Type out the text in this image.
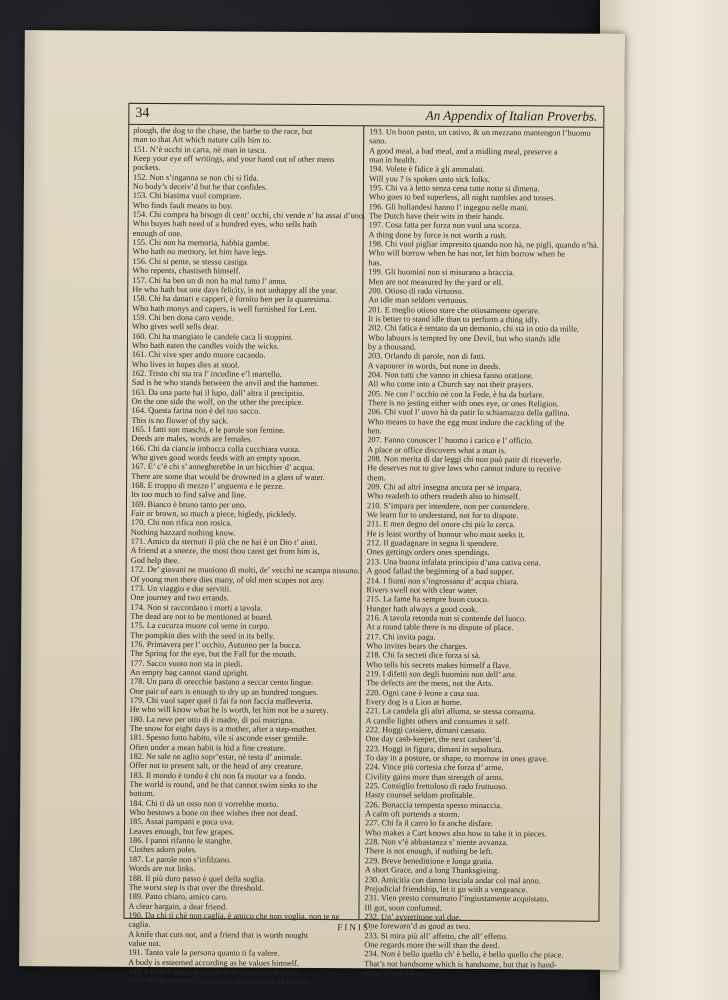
34	An Appendix of Italian Proverbs.
plough, the dog to the chase, the barbe to the race, but
man to that Art which nature calls him to.
151. N’è occhi in carta, nè man in tasca.
Keep your eye off writings, and your hand out of other mens
pockets.
152. Non s’inganna se non chi si fida.
No body’s deceiv’d but he that confides.
153. Chi biasima vuol comprare.
Who finds fault means to buy.
154. Chi compra ha bisogn di cent’ occhi, chi vende n’ ha assai d’uno.
Who buyes hath need of a hundred eyes, who sells hath
enough of one.
155. Chi non ha memoria, habbia gambe.
Who hath no memory, let him have legs.
156. Chi si pente, se stesso castiga.
Who repents, chastiseth himself.
157. Chi ha ben un di non ha mal tutto l’ anno.
He who hath but one days felicity, is not unhappy all the year.
158. Chi ha danari e capperi, è fornito ben per la quaresima.
Who hath monys and capers, is well furnished for Lent.
159. Chi ben dona caro vende.
Who gives well sells dear.
160. Chi ha mangiato le candele caca li stoppini.
Who hath eaten the candles voids the wicks.
161. Chi vive sper ando muore cacando.
Who lives in hopes dies at stool.
162. Tristo chi sta tra l’ incudine e’l martello.
Sad is he who stands between the anvil and the hammer.
163. Da una parte hai il lupo, dall’ altra il precipitio.
On the one side the wolf, on the other the precipice.
164. Questa farina non è del tuo sacco.
This is no flower of thy sack.
165. I fatti son maschi, e le parole son femine.
Deeds are males, words are females.
166. Chi da ciancie imbocca colla cucchiara vuota.
Who gives good words feeds with an empty spoon.
167. E’ c’è chi s’ annegherebbe in un bicchier d’ acqua.
There are some that would be drowned in a glass of water.
168. E troppo di mezzo l’ anguenta e le pezze.
Its too much to find salve and line.
169. Bianco è bruno tanto per uno.
Fair or brown, so much a piece, higledy, pickledy.
170. Chi non rifica non rosica.
Nothing hazzard nothing know.
171. Amico da sternuti il più che ne hai è un Dio t’ aiuti.
A friend at a sneeze, the most thou canst get from him is,
God help thee.
172. De’ giovani ne muoiono di molti, de’ vecchi ne scampa nissuno.
Of young men there dies many, of old men scapes not any.
173. Un viaggio e due servitii.
One journey and two errands.
174. Non si raccordano i morti a tavola.
The dead are not to be mentioned at board.
175. La cucurza muore col seme in corpo.
The pompkin dies with the seed in its belly.
176. Primavera per l’ occhio, Autunno per la bocca.
The Spring for the eye, but the Fall for the mouth.
177. Sacco vuoto non sta in piedi.
An empty bag cannot stand upright.
178. Un paro di orecchie bastano a seccar cento lingue.
One pair of ears is enough to dry up an hundred tongues.
179. Chi vuol saper quel ti fai fa non faccia malleveria.
He who will know what he is worth, let him not be a surety.
180. La neve per otto di è madre, di poi matrigna.
The snow for eight days is a mother, after a step-mother.
181. Spesso fotto habito, vile si asconde esser gentile.
Often under a mean habit is hid a fine creature.
182. Ne sale ne aglio sopr’estar, nè testa d’ animale.
Offer not to present salt, or the head of any creature.
183. Il mondo è tondo è chi non fa nuotar va a fondo.
The world is round, and he that cannot swim sinks to the
bottom.
184. Chi ti dà un osso non ti vorrebbe morto.
Who bestows a bone on thee wishes thee not dead.
185. Assai pampani e poca uva.
Leaves enough, but few grapes.
186. I panni rifanno le stanghe.
Clothes adorn poles.
187. Le parole non s’infilzano.
Words are not links.
188. Il più duro passo è quel della soglia.
The worst step is that over the threshold.
189. Patto chiaro, amico caro.
A clear bargain, a dear friend.
190. Da chi ti chè non caglia, è amico che non voglia, non te ne
caglia.
A knife that cuts not, and a friend that is worth nought
value not.
191. Tanto vale la persona quanto ti fa valere.
A body is esteemed according as he values himself.
192. Chi fa l’ altrui mestiere fa la zuppa nel paniere.
Who drives another mans trade, makes a fop in panier.
193. Un buon pasto, un cativo, & un mezzano mantengon l’huomo
sano.
A good meal, a bad meal, and a midling meal, preserve a
man in health.
194. Volete è fidice à gli ammalati.
Will you ? is spoken unto sick folks.
195. Chi va à letto senza cena tutte notte si dimena.
Who goes to bed superless, all night tumbles and tosses.
196. Gli hollandesi hanno l’ ingegno nelle mani.
The Dutch have their wits in their hands.
197. Cosa fatta per forza non vuol una scorza.
A thing done by force is not worth a rush.
198. Chi vuol pigliar impresito quando non hà, ne pigli, quando n’hà.
Who will borrow when he has nor, let him borrow when he
has.
199. Gli huomini non si misurano a braccia.
Men are not measured by the yard or ell.
200. Otioso di rado virtuoso.
An idle man seldom vertuous.
201. E meglio otioso stare che otiosamente operare.
It is better to stand idle than to perform a thing idly.
202. Chi fatica è tentato da un demonio, chi stà in otio da mille.
Who labours is tempted by one Devil, but who stands idle
by a thousand.
203. Orlando di parole, non di fatti.
A vapourer in words, but none in deeds.
204. Non tutti che vanno in chiesa fanno oratione.
All who come into a Church say not their prayers.
205. Ne con l’ occhio nè con la Fede, è ha da burlare.
There is no jesting either with ones eye, or ones Religion.
206. Chi vuol l’ uovo hà da patir lo schiamazzo della gallina.
Who means to have the egg must indure the cackling of the
hen.
207. Fanno conoscer l’ huomo i carico e l’ officio.
A place or office discovers what a man is.
208. Non merita di dar leggi chi non può patir di riceverle.
He deserves not to give laws who cannot indure to receive
them.
209. Chi ad altri insegna ancora per sè impara.
Who readeth to others readeth also to himself.
210. S’impara per intendere, non per contendere.
We learn for to understand, not for to dispute.
211. E men degno del onore chi più lo cerca.
He is least worthy of honour who most seeks it.
212. Il guadagnare in segna li spendere.
Ones gettings orders ones spendings.
213. Una buona infalata principio d’una cativa cena.
A good fallad the beginning of a bad supper.
214. I fiumi non s’ingrossano d’ acqua chiara.
Rivers swell not with clear water.
215. La fame ha sempre buon cuoco.
Hunger hath always a good cook.
216. A tavola retonda non si contende del luoco.
At a round table there is no dispute of place.
217. Chi invita paga.
Who invites bears the charges.
218. Chi fa secreti dice forza si sà.
Who tells his secrets makes himself a flave.
219. I difetti son degli huomini non dell’ arte.
The defects are the mens, not the Arts.
220. Ogni cane è leone a casa sua.
Every dog is a Lion at home.
221. La candela gli altri alluma, se stessa consuma.
A candle lights others and consumes it self.
222. Hoggi cassiere, dimani cassato.
One day cash-keeper, the next casheer’d.
223. Hoggi in figura, dimani in sepoltura.
To day in a posture, or shape, to morrow in ones grave.
224. Vince più cortesia che forza d’ arme.
Civility gains more than strength of arms.
225. Consiglio frettoloso di rado fruttuoso.
Hasty counsel seldom profitable.
226. Bonaccia tempesta spesso minaccia.
A calm oft portends a storm.
227. Chi fa il carro lo fa anche disfare.
Who makes a Cart knows also how to take it in pieces.
228. Non v’è abbastanza s’ niente avvanza.
There is not enough, if nothing be left.
229. Breve benedittione e longa gratia.
A short Grace, and a long Thanksgiving.
230. Amicitia con danno lasciala andar col mal anno.
Prejudicial friendship, let it go with a vengeance.
231. Vien presto consumato l’ingiustamente acquistato.
Ill got, soon confumed.
232. Un’ avvertitone val due.
One forewarn’d as good as two.
233. Si mira più all’ affetto, che all’ effetto.
One regards more the will than the deed.
234. Non è bello quello ch’ è bello, è bello quello che piace.
That’s not handsome which is handsome, but that is hand-
some which takes.
FINIS.
